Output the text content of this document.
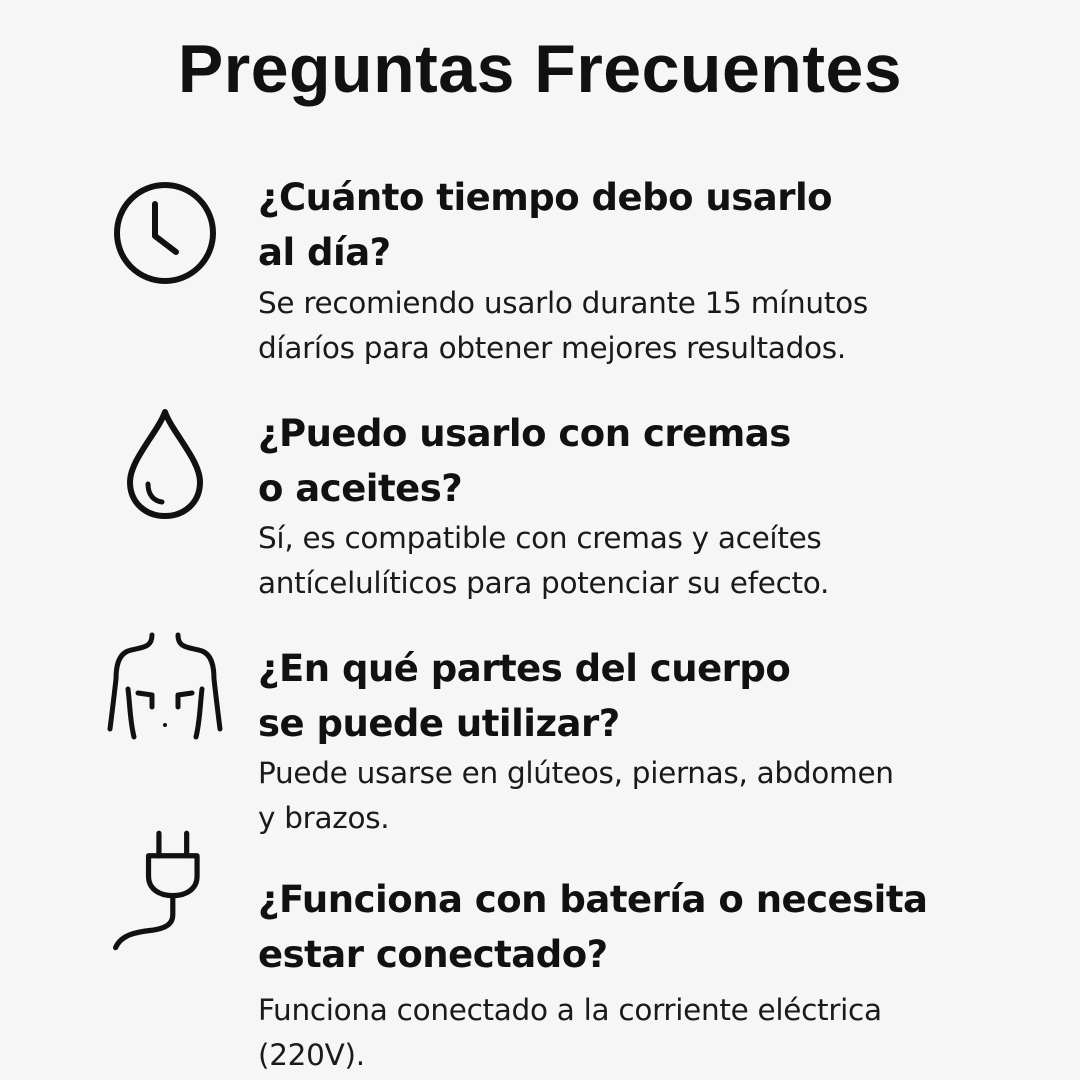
Preguntas Frecuentes

¿Cuánto tiempo debo usarlo
al día?

Se recomiendo usarlo durante 15 mínutos
díaríos para obtener mejores resultados.

¿Puedo usarlo con cremas
o aceites?

Sí, es compatible con cremas y aceítes
antícelulíticos para potenciar su efecto.

¿En qué partes del cuerpo
se puede utilizar?

Puede usarse en glúteos, piernas, abdomen
y brazos.

¿Funciona con batería o necesita
estar conectado?

Funciona conectado a la corriente eléctrica
(220V).
